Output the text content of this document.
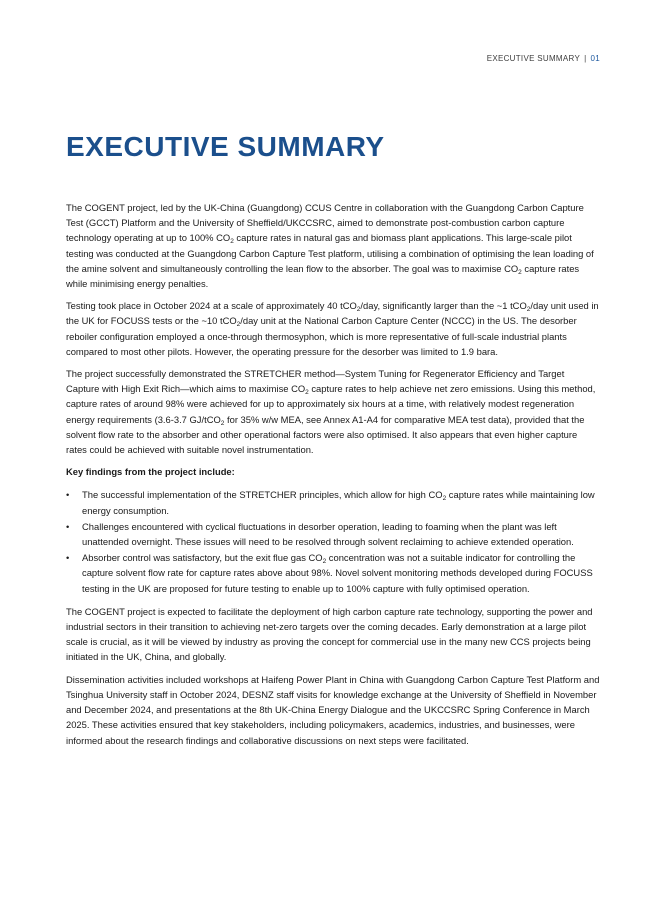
EXECUTIVE SUMMARY | 01
EXECUTIVE SUMMARY

The COGENT project, led by the UK-China (Guangdong) CCUS Centre in collaboration with the Guangdong Carbon Capture Test (GCCT) Platform and the University of Sheffield/UKCCSRC, aimed to demonstrate post-combustion carbon capture technology operating at up to 100% $CO_2$ capture rates in natural gas and biomass plant applications. This large-scale pilot testing was conducted at the Guangdong Carbon Capture Test platform, utilising a combination of optimising the lean loading of the amine solvent and simultaneously controlling the lean flow to the absorber. The goal was to maximise $CO_2$ capture rates while minimising energy penalties.

Testing took place in October 2024 at a scale of approximately 40 tCO$_2$/day, significantly larger than the ~1 tCO$_2$/day unit used in the UK for FOCUSS tests or the ~10 tCO$_2$/day unit at the National Carbon Capture Center (NCCC) in the US. The desorber reboiler configuration employed a once-through thermosyphon, which is more representative of full-scale industrial plants compared to most other pilots. However, the operating pressure for the desorber was limited to 1.9 bara.

The project successfully demonstrated the STRETCHER method—System Tuning for Regenerator Efficiency and Target Capture with High Exit Rich—which aims to maximise $CO_2$ capture rates to help achieve net zero emissions. Using this method, capture rates of around 98% were achieved for up to approximately six hours at a time, with relatively modest regeneration energy requirements (3.6-3.7 GJ/tCO$_2$ for 35% w/w MEA, see Annex A1-A4 for comparative MEA test data), provided that the solvent flow rate to the absorber and other operational factors were also optimised. It also appears that even higher capture rates could be achieved with suitable novel instrumentation.

Key findings from the project include:

• The successful implementation of the STRETCHER principles, which allow for high $CO_2$ capture rates while maintaining low energy consumption.
• Challenges encountered with cyclical fluctuations in desorber operation, leading to foaming when the plant was left unattended overnight. These issues will need to be resolved through solvent reclaiming to achieve extended operation.
• Absorber control was satisfactory, but the exit flue gas $CO_2$ concentration was not a suitable indicator for controlling the capture solvent flow rate for capture rates above about 98%. Novel solvent monitoring methods developed during FOCUSS testing in the UK are proposed for future testing to enable up to 100% capture with fully optimised operation.

The COGENT project is expected to facilitate the deployment of high carbon capture rate technology, supporting the power and industrial sectors in their transition to achieving net-zero targets over the coming decades. Early demonstration at a large pilot scale is crucial, as it will be viewed by industry as proving the concept for commercial use in the many new CCS projects being initiated in the UK, China, and globally.

Dissemination activities included workshops at Haifeng Power Plant in China with Guangdong Carbon Capture Test Platform and Tsinghua University staff in October 2024, DESNZ staff visits for knowledge exchange at the University of Sheffield in November and December 2024, and presentations at the 8th UK-China Energy Dialogue and the UKCCSRC Spring Conference in March 2025. These activities ensured that key stakeholders, including policymakers, academics, industries, and businesses, were informed about the research findings and collaborative discussions on next steps were facilitated.
